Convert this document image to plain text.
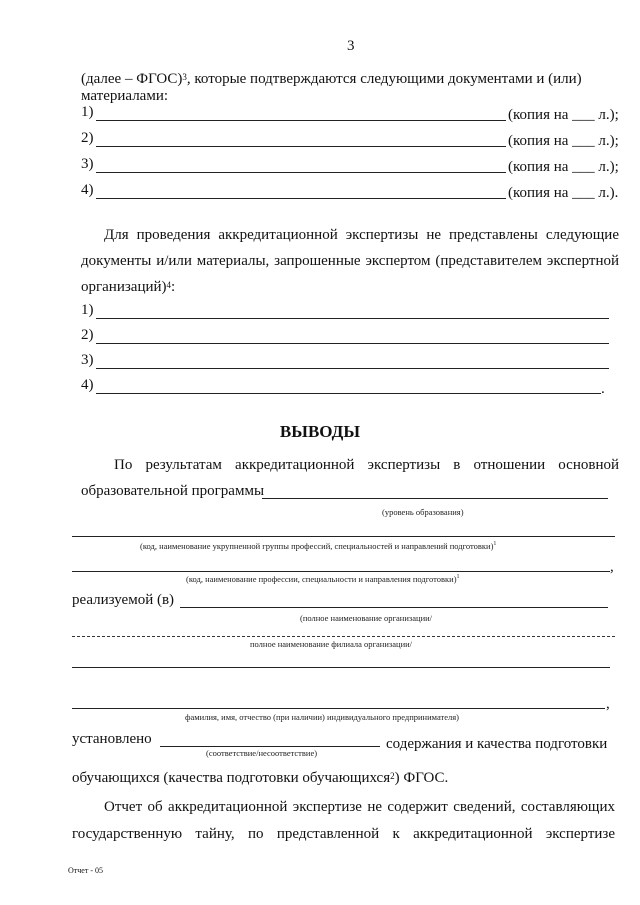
3
(далее – ФГОС)$^3$, которые подтверждаются следующими документами и (или)
материалами:
1)	(копия на ___ л.);
2)	(копия на ___ л.);
3)	(копия на ___ л.);
4)	(копия на ___ л.).
Для проведения аккредитационной экспертизы не представлены следующие
документы и/или материалы, запрошенные экспертом (представителем экспертной
организаций)$^4$:
1)
2)
3)
4)	.
ВЫВОДЫ
По результатам аккредитационной экспертизы в отношении основной
образовательной программы
(уровень образования)
(код, наименование укрупненной группы профессий, специальностей и направлений подготовки)$^1$
,
(код, наименование профессии, специальности и направления подготовки)$^1$
реализуемой (в)
(полное наименование организации/
полное наименование филиала организации/
,
фамилия, имя, отчество (при наличии) индивидуального предпринимателя)
установлено
(соответствие/несоответствие)
содержания и качества подготовки
обучающихся (качества подготовки обучающихся$^2$) ФГОС.
Отчет об аккредитационной экспертизе не содержит сведений, составляющих
государственную тайну, по представленной к аккредитационной экспертизе
Отчет - 05
